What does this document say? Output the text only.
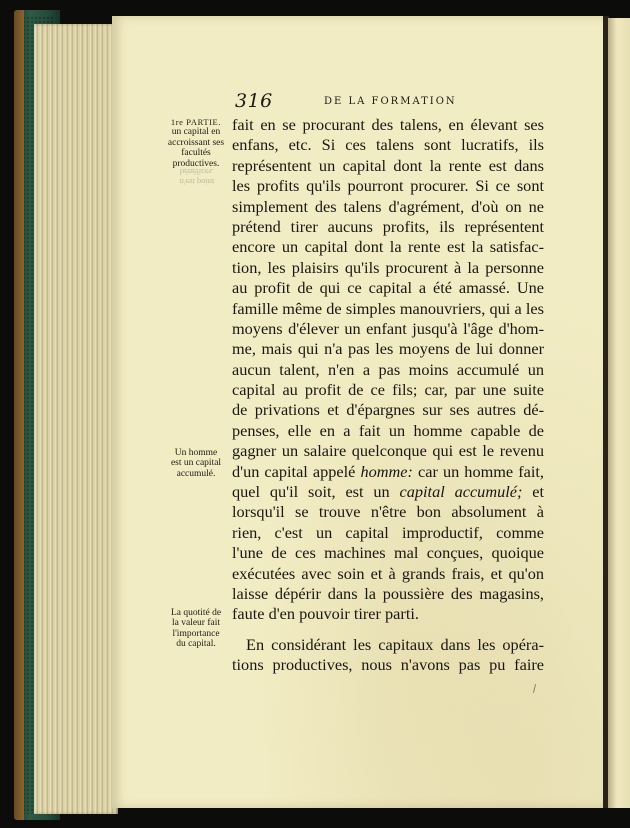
316	DE LA FORMATION
n'est point
bénéfices.
1re PARTIE.
un capital en
accroissant ses
facultés
productives.
Un homme
est un capital
accumulé.
La quotité de
la valeur fait
l'importance
du capital.
fait en se procurant des talens, en élevant ses
enfans, etc. Si ces talens sont lucratifs, ils
représentent un capital dont la rente est dans
les profits qu'ils pourront procurer. Si ce sont
simplement des talens d'agrément, d'où on ne
prétend tirer aucuns profits, ils représentent
encore un capital dont la rente est la satisfac-
tion, les plaisirs qu'ils procurent à la personne
au profit de qui ce capital a été amassé. Une
famille même de simples manouvriers, qui a les
moyens d'élever un enfant jusqu'à l'âge d'hom-
me, mais qui n'a pas les moyens de lui donner
aucun talent, n'en a pas moins accumulé un
capital au profit de ce fils; car, par une suite
de privations et d'épargnes sur ses autres dé-
penses, elle en a fait un homme capable de
gagner un salaire quelconque qui est le revenu
d'un capital appelé homme: car un homme fait,
quel qu'il soit, est un capital accumulé; et
lorsqu'il se trouve n'être bon absolument à
rien, c'est un capital improductif, comme
l'une de ces machines mal conçues, quoique
exécutées avec soin et à grands frais, et qu'on
laisse dépérir dans la poussière des magasins,
faute d'en pouvoir tirer parti.
En considérant les capitaux dans les opéra-
tions productives, nous n'avons pas pu faire
